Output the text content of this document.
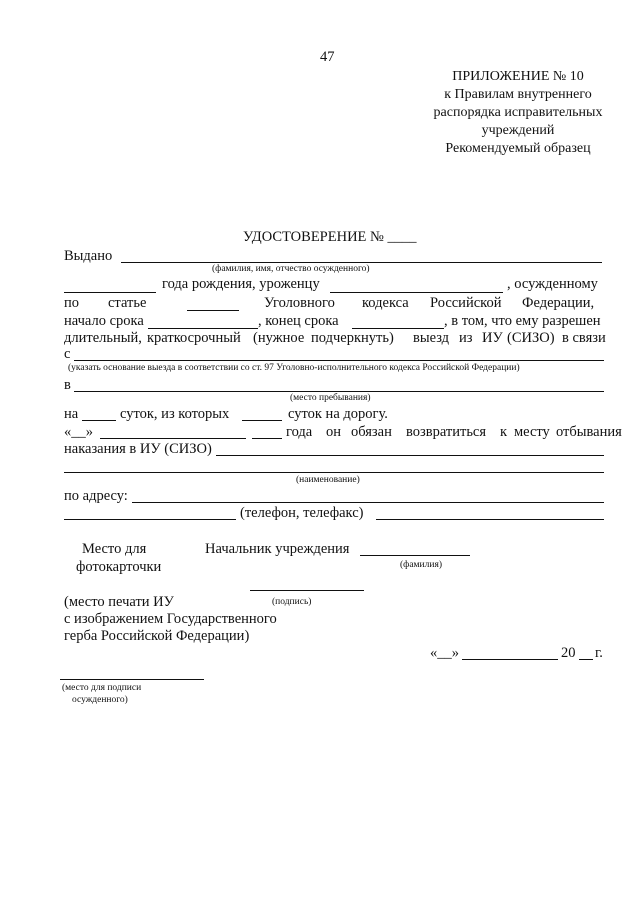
47
ПРИЛОЖЕНИЕ № 10
к Правилам внутреннего
распорядка исправительных
учреждений
Рекомендуемый образец
УДОСТОВЕРЕНИЕ № ____
Выдано
(фамилия, имя, отчество осужденного)
года рождения, уроженцу	, осужденному
по статье	Уголовного кодекса Российской Федерации,
начало срока	, конец срока	, в том, что ему разрешен
длительный, краткосрочный (нужное подчеркнуть) выезд из ИУ (СИЗО) в связи
с
(указать основание выезда в соответствии со ст. 97 Уголовно-исполнительного кодекса Российской Федерации)
в
(место пребывания)
на	суток, из которых	суток на дорогу.
«__»	года он обязан возвратиться к месту отбывания
наказания в ИУ (СИЗО)
(наименование)
по адресу:
(телефон, телефакс)
Место для
фотокарточки
Начальник учреждения
(фамилия)
(подпись)
(место печати ИУ
с изображением Государственного
герба Российской Федерации)
«__»	20 г.
(место для подписи
осужденного)
